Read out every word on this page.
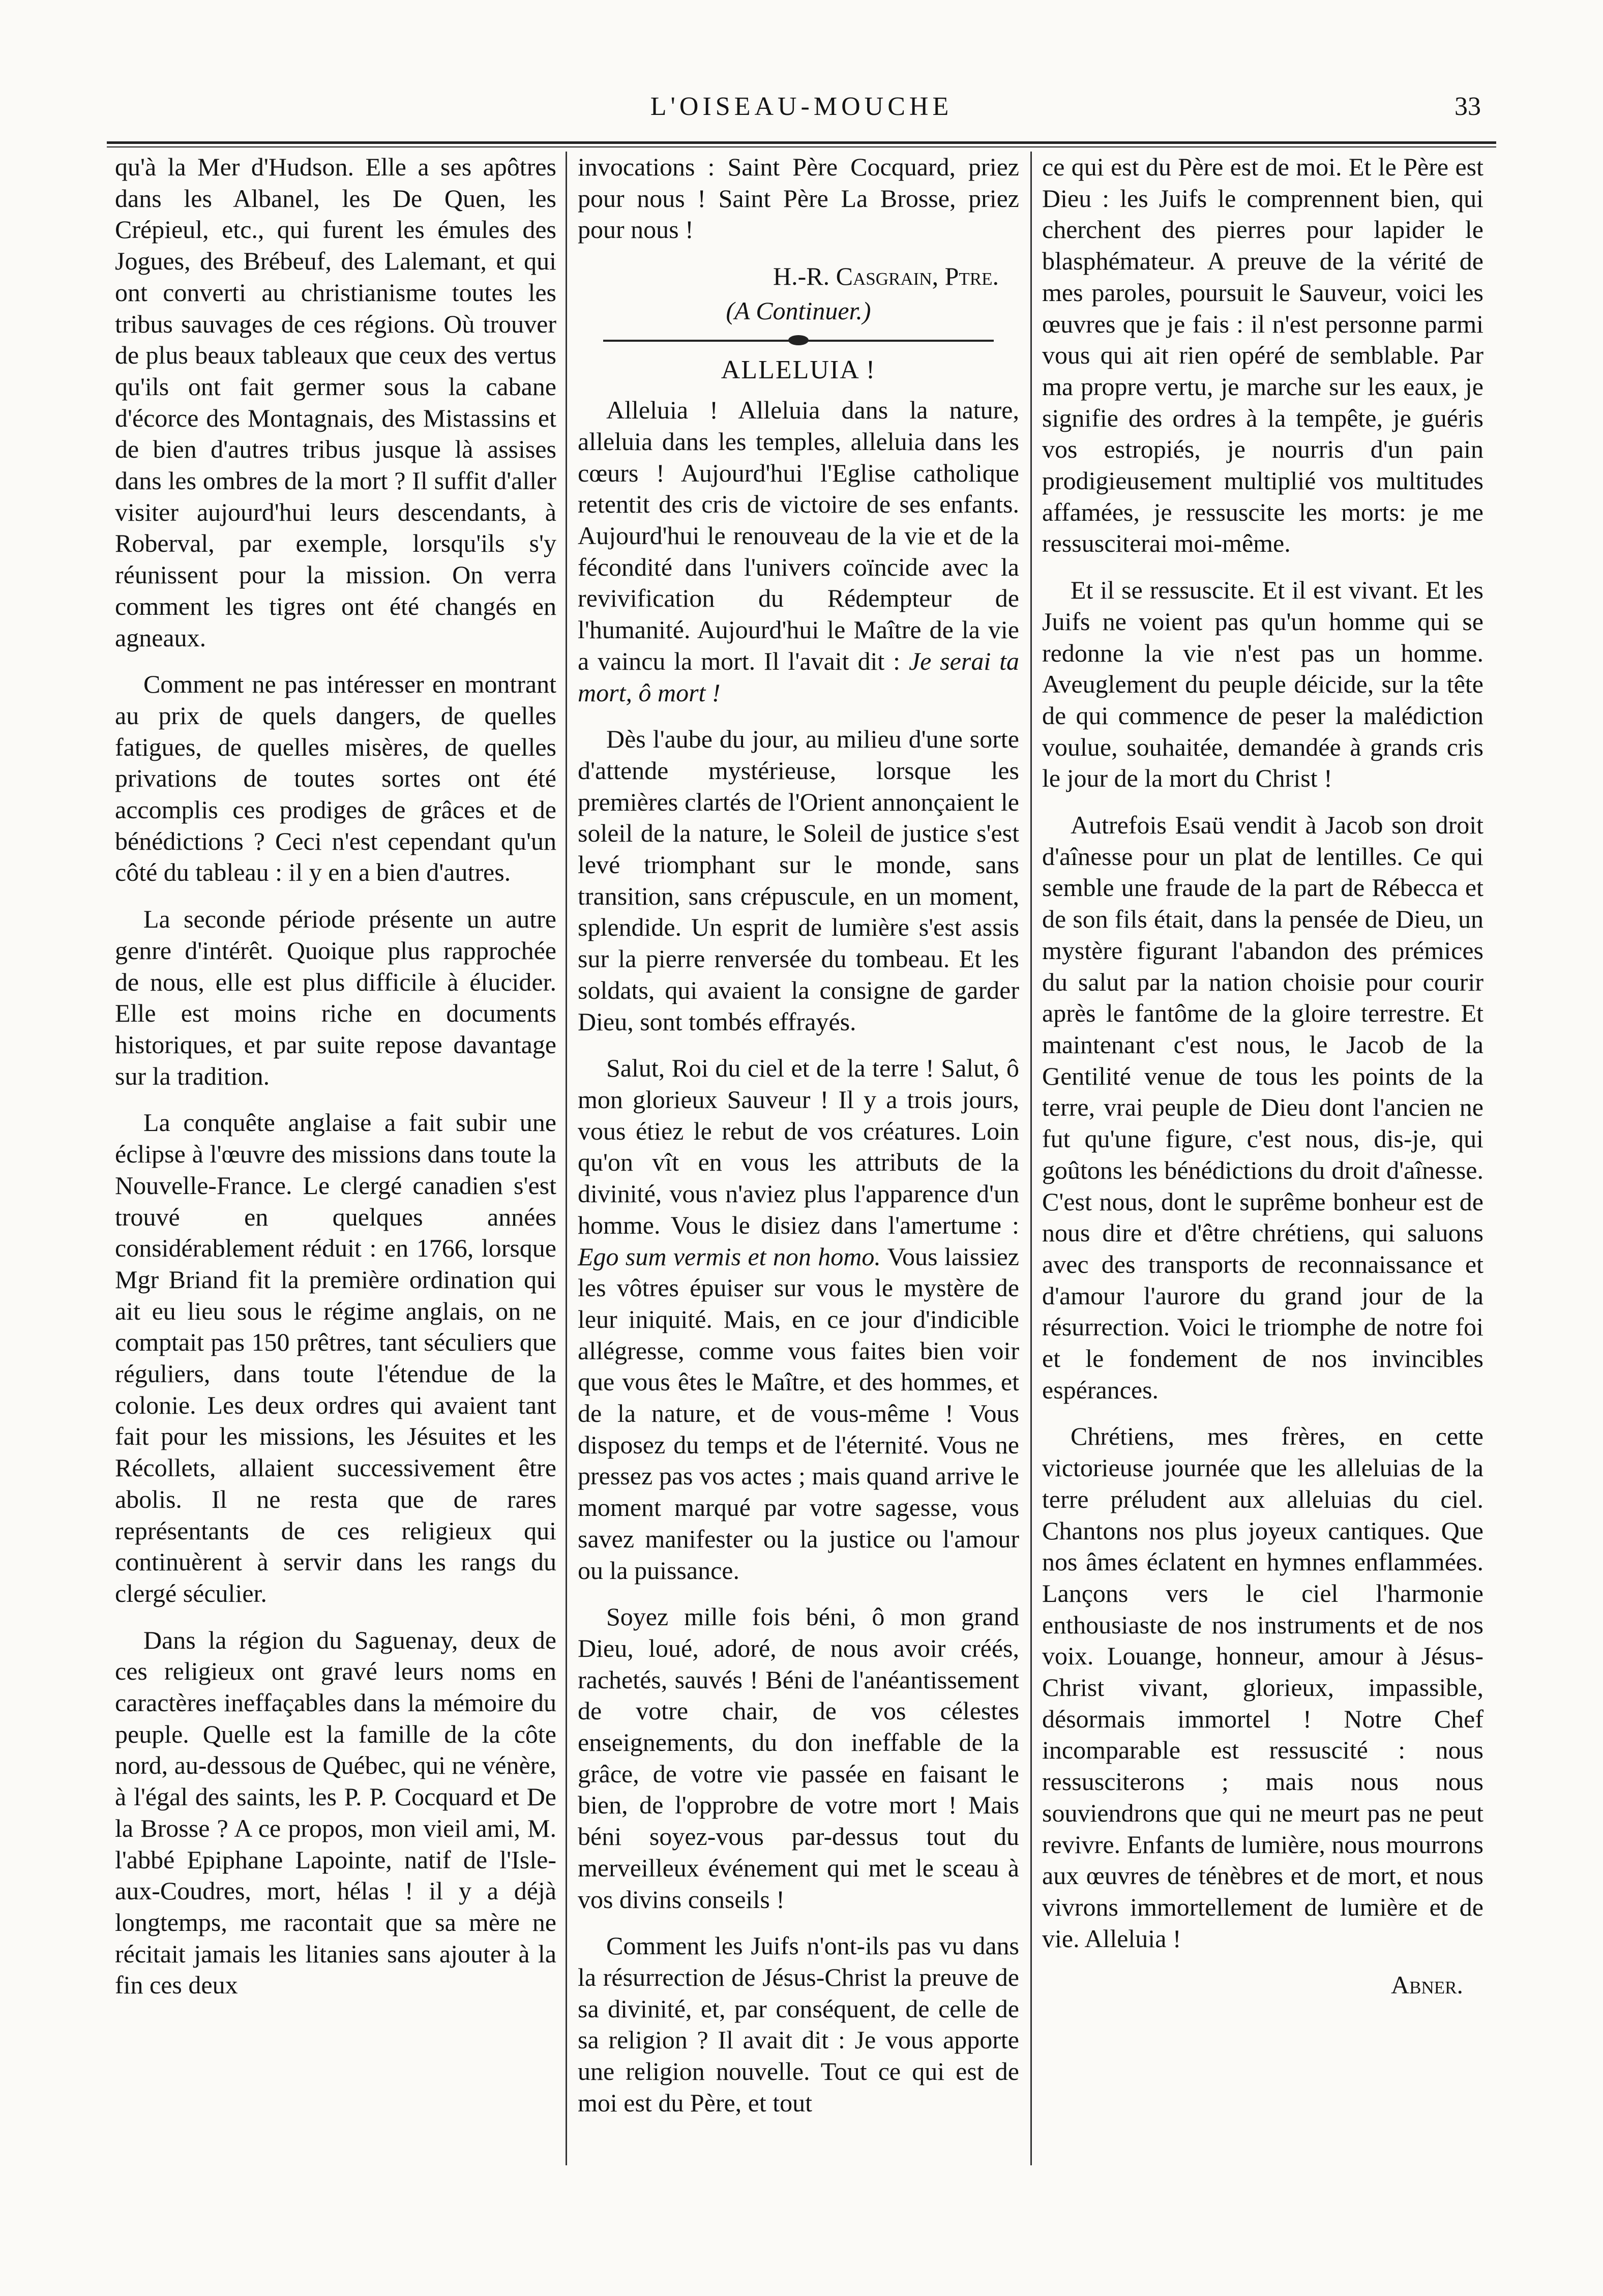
L'OISEAU-MOUCHE	33

qu'à la Mer d'Hudson. Elle a ses apôtres dans les Albanel, les De Quen, les Crépieul, etc., qui furent les émules des Jogues, des Brébeuf, des Lalemant, et qui ont converti au christianisme toutes les tribus sauvages de ces régions. Où trouver de plus beaux tableaux que ceux des vertus qu'ils ont fait germer sous la cabane d'écorce des Montagnais, des Mistassins et de bien d'autres tribus jusque là assises dans les ombres de la mort ? Il suffit d'aller visiter aujourd'hui leurs descendants, à Roberval, par exemple, lorsqu'ils s'y réunissent pour la mission. On verra comment les tigres ont été changés en agneaux.

Comment ne pas intéresser en montrant au prix de quels dangers, de quelles fatigues, de quelles misères, de quelles privations de toutes sortes ont été accomplis ces prodiges de grâces et de bénédictions ? Ceci n'est cependant qu'un côté du tableau : il y en a bien d'autres.

La seconde période présente un autre genre d'intérêt. Quoique plus rapprochée de nous, elle est plus difficile à élucider. Elle est moins riche en documents historiques, et par suite repose davantage sur la tradition.

La conquête anglaise a fait subir une éclipse à l'œuvre des missions dans toute la Nouvelle-France. Le clergé canadien s'est trouvé en quelques années considérablement réduit : en 1766, lorsque Mgr Briand fit la première ordination qui ait eu lieu sous le régime anglais, on ne comptait pas 150 prêtres, tant séculiers que réguliers, dans toute l'étendue de la colonie. Les deux ordres qui avaient tant fait pour les missions, les Jésuites et les Récollets, allaient successivement être abolis. Il ne resta que de rares représentants de ces religieux qui continuèrent à servir dans les rangs du clergé séculier.

Dans la région du Saguenay, deux de ces religieux ont gravé leurs noms en caractères ineffaçables dans la mémoire du peuple. Quelle est la famille de la côte nord, au-dessous de Québec, qui ne vénère, à l'égal des saints, les P. P. Cocquard et De la Brosse ? A ce propos, mon vieil ami, M. l'abbé Epiphane Lapointe, natif de l'Isle-aux-Coudres, mort, hélas ! il y a déjà longtemps, me racontait que sa mère ne récitait jamais les litanies sans ajouter à la fin ces deux

invocations : Saint Père Cocquard, priez pour nous ! Saint Père La Brosse, priez pour nous !

H.-R. Casgrain, Ptre.
(A Continuer.)
ALLELUIA !

Alleluia ! Alleluia dans la nature, alleluia dans les temples, alleluia dans les cœurs ! Aujourd'hui l'Eglise catholique retentit des cris de victoire de ses enfants. Aujourd'hui le renouveau de la vie et de la fécondité dans l'univers coïncide avec la revivification du Rédempteur de l'humanité. Aujourd'hui le Maître de la vie a vaincu la mort. Il l'avait dit : Je serai ta mort, ô mort !

Dès l'aube du jour, au milieu d'une sorte d'attende mystérieuse, lorsque les premières clartés de l'Orient annonçaient le soleil de la nature, le Soleil de justice s'est levé triomphant sur le monde, sans transition, sans crépuscule, en un moment, splendide. Un esprit de lumière s'est assis sur la pierre renversée du tombeau. Et les soldats, qui avaient la consigne de garder Dieu, sont tombés effrayés.

Salut, Roi du ciel et de la terre ! Salut, ô mon glorieux Sauveur ! Il y a trois jours, vous étiez le rebut de vos créatures. Loin qu'on vît en vous les attributs de la divinité, vous n'aviez plus l'apparence d'un homme. Vous le disiez dans l'amertume : Ego sum vermis et non homo. Vous laissiez les vôtres épuiser sur vous le mystère de leur iniquité. Mais, en ce jour d'indicible allégresse, comme vous faites bien voir que vous êtes le Maître, et des hommes, et de la nature, et de vous-même ! Vous disposez du temps et de l'éternité. Vous ne pressez pas vos actes ; mais quand arrive le moment marqué par votre sagesse, vous savez manifester ou la justice ou l'amour ou la puissance.

Soyez mille fois béni, ô mon grand Dieu, loué, adoré, de nous avoir créés, rachetés, sauvés ! Béni de l'anéantissement de votre chair, de vos célestes enseignements, du don ineffable de la grâce, de votre vie passée en faisant le bien, de l'opprobre de votre mort ! Mais béni soyez-vous par-dessus tout du merveilleux événement qui met le sceau à vos divins conseils !

Comment les Juifs n'ont-ils pas vu dans la résurrection de Jésus-Christ la preuve de sa divinité, et, par conséquent, de celle de sa religion ? Il avait dit : Je vous apporte une religion nouvelle. Tout ce qui est de moi est du Père, et tout

ce qui est du Père est de moi. Et le Père est Dieu : les Juifs le comprennent bien, qui cherchent des pierres pour lapider le blasphémateur. A preuve de la vérité de mes paroles, poursuit le Sauveur, voici les œuvres que je fais : il n'est personne parmi vous qui ait rien opéré de semblable. Par ma propre vertu, je marche sur les eaux, je signifie des ordres à la tempête, je guéris vos estropiés, je nourris d'un pain prodigieusement multiplié vos multitudes affamées, je ressuscite les morts: je me ressusciterai moi-même.

Et il se ressuscite. Et il est vivant. Et les Juifs ne voient pas qu'un homme qui se redonne la vie n'est pas un homme. Aveuglement du peuple déicide, sur la tête de qui commence de peser la malédiction voulue, souhaitée, demandée à grands cris le jour de la mort du Christ !

Autrefois Esaü vendit à Jacob son droit d'aînesse pour un plat de lentilles. Ce qui semble une fraude de la part de Rébecca et de son fils était, dans la pensée de Dieu, un mystère figurant l'abandon des prémices du salut par la nation choisie pour courir après le fantôme de la gloire terrestre. Et maintenant c'est nous, le Jacob de la Gentilité venue de tous les points de la terre, vrai peuple de Dieu dont l'ancien ne fut qu'une figure, c'est nous, dis-je, qui goûtons les bénédictions du droit d'aînesse. C'est nous, dont le suprême bonheur est de nous dire et d'être chrétiens, qui saluons avec des transports de reconnaissance et d'amour l'aurore du grand jour de la résurrection. Voici le triomphe de notre foi et le fondement de nos invincibles espérances.

Chrétiens, mes frères, en cette victorieuse journée que les alleluias de la terre préludent aux alleluias du ciel. Chantons nos plus joyeux cantiques. Que nos âmes éclatent en hymnes enflammées. Lançons vers le ciel l'harmonie enthousiaste de nos instruments et de nos voix. Louange, honneur, amour à Jésus-Christ vivant, glorieux, impassible, désormais immortel ! Notre Chef incomparable est ressuscité : nous ressusciterons ; mais nous nous souviendrons que qui ne meurt pas ne peut revivre. Enfants de lumière, nous mourrons aux œuvres de ténèbres et de mort, et nous vivrons immortellement de lumière et de vie. Alleluia !

Abner.
